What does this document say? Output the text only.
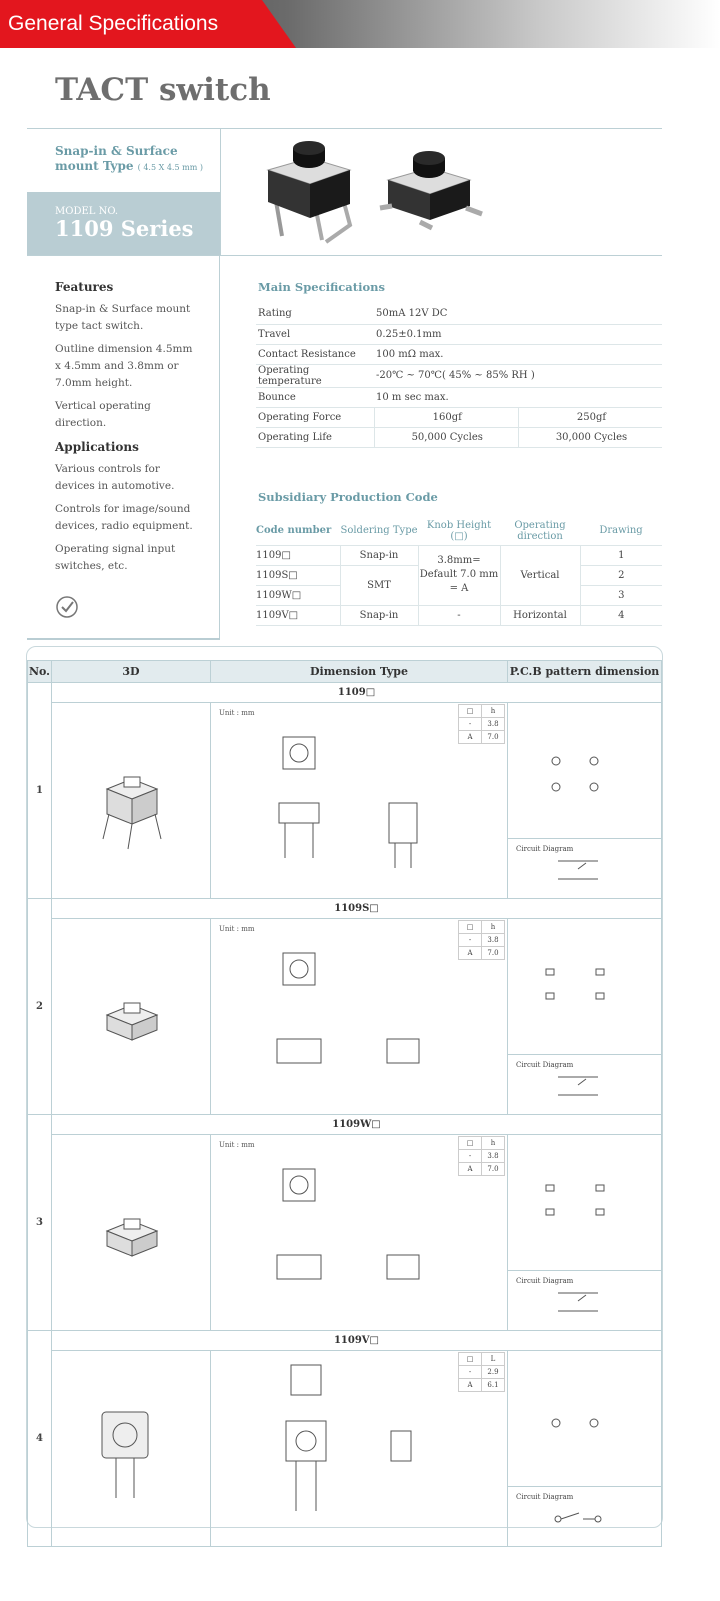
General Specifications
TACT switch
Snap-in & Surface
mount Type ( 4.5 X 4.5 mm )
MODEL NO.
1109 Series
Features
Snap-in & Surface mount type tact switch.
Outline dimension 4.5mm x 4.5mm and 3.8mm or 7.0mm height.
Vertical operating direction.
Applications
Various controls for devices in automotive.
Controls for image/sound devices, radio equipment.
Operating signal input switches, etc.
Main Specifications
Rating	50mA 12V DC	
Travel	0.25±0.1mm	
Contact Resistance	100 mΩ max.	
Operating temperature	-20℃ ~ 70℃( 45% ~ 85% RH )	
Bounce	10 m sec max.	
Operating Force	160gf	250gf
Operating Life	50,000 Cycles	30,000 Cycles
Subsidiary Production Code
Code number	Soldering Type	Knob Height (□)	Operating direction	Drawing
1109□	Snap-in	3.8mm= Default 7.0 mm = A	Vertical	1
1109S□	SMT			2
1109W□				3
1109V□	Snap-in	-	Horizontal	4
No.	3D	Dimension Type	P.C.B pattern dimension
1	1109□

Unit : mm	□	h
-	3.8
A	7.0

Circuit Diagram

2	1109S□

Unit : mm	□	h
-	3.8
A	7.0

Circuit Diagram

3	1109W□

Unit : mm	□	h
-	3.8
A	7.0

Circuit Diagram

4	1109V□

□	L
-	2.9
A	6.1

Circuit Diagram
